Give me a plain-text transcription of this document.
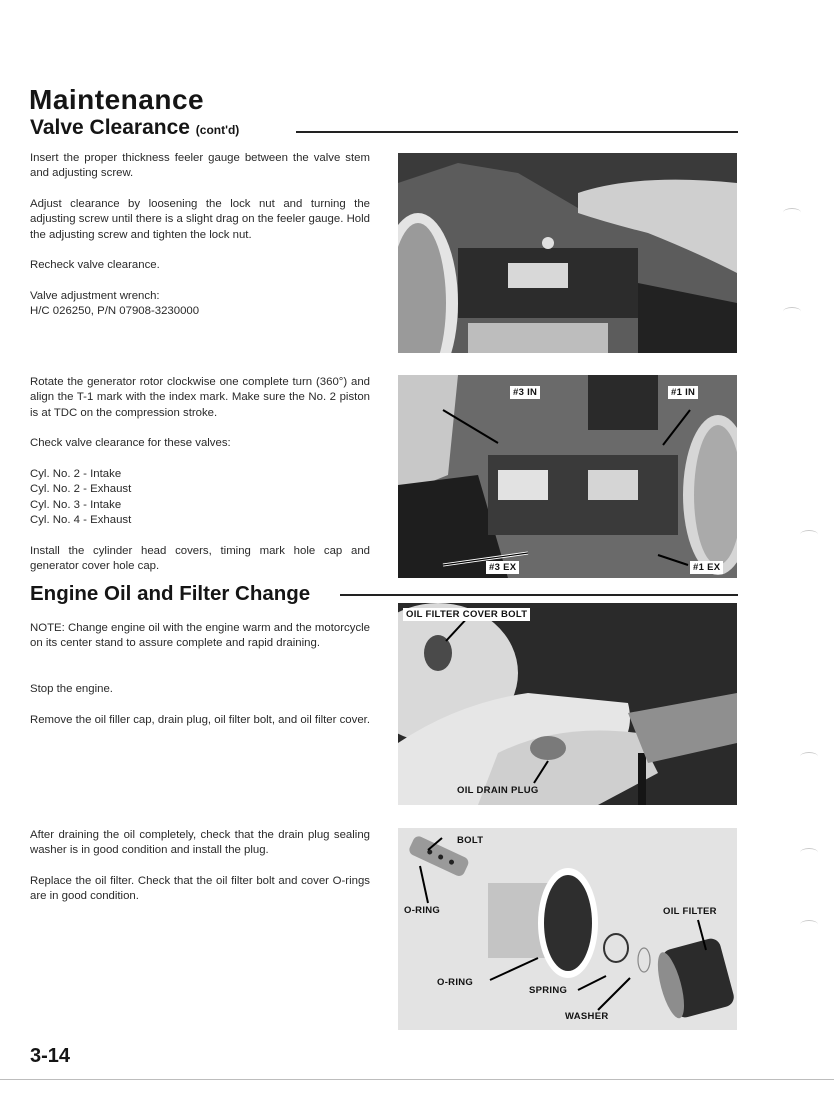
Maintenance
Valve Clearance (cont'd)

Insert the proper thickness feeler gauge between the valve stem and adjusting screw.

Adjust clearance by loosening the lock nut and turning the adjusting screw until there is a slight drag on the feeler gauge. Hold the adjusting screw and tighten the lock nut.

Recheck valve clearance.

Valve adjustment wrench:

H/C 026250, P/N 07908-3230000

Rotate the generator rotor clockwise one complete turn (360°) and align the T-1 mark with the index mark. Make sure the No. 2 piston is at TDC on the compression stroke.

Check valve clearance for these valves:

Cyl. No. 2 - Intake

Cyl. No. 2 - Exhaust

Cyl. No. 3 - Intake

Cyl. No. 4 - Exhaust

Install the cylinder head covers, timing mark hole cap and generator cover hole cap.

Engine Oil and Filter Change

NOTE: Change engine oil with the engine warm and the motorcycle on its center stand to assure complete and rapid draining.

Stop the engine.

Remove the oil filler cap, drain plug, oil filter bolt, and oil filter cover.

After draining the oil completely, check that the drain plug sealing washer is in good condition and install the plug.

Replace the oil filter. Check that the oil filter bolt and cover O-rings are in good condition.

#3 IN	#1 IN
#3 EX	#1 EX
OIL FILTER COVER BOLT
OIL DRAIN PLUG
BOLT
O-RING	OIL FILTER
O-RING
SPRING
WASHER
3-14
